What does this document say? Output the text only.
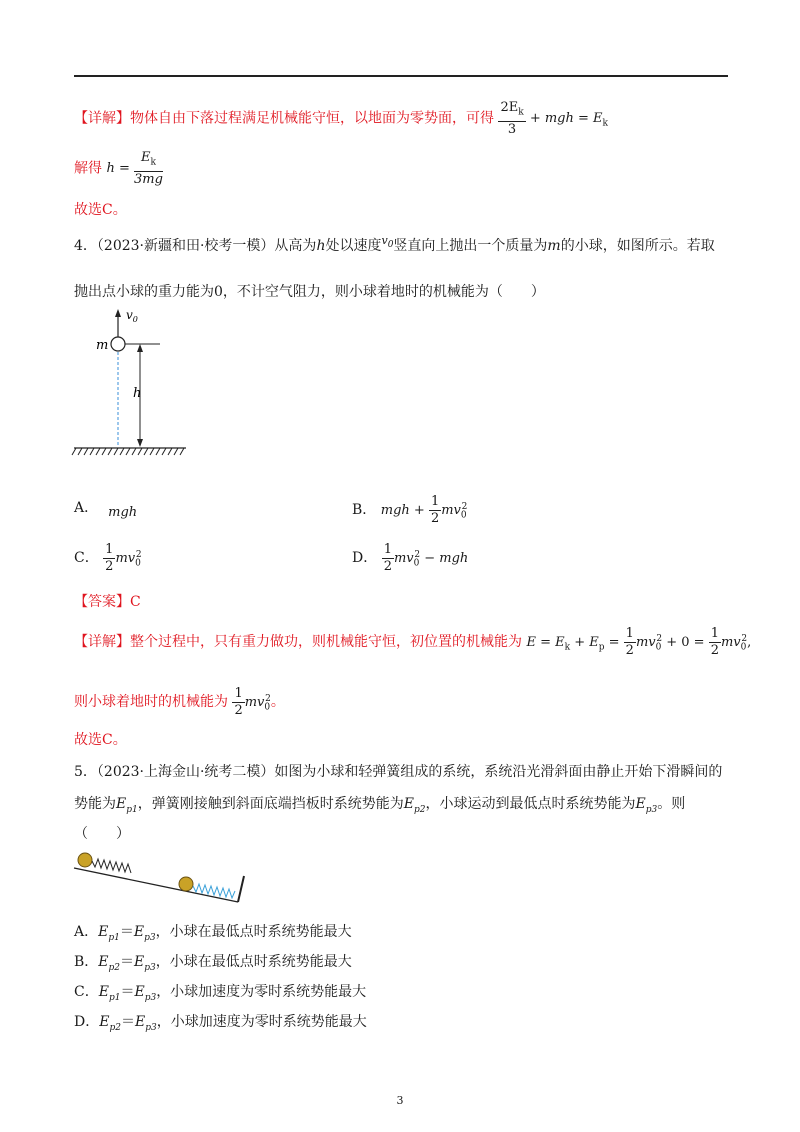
【详解】物体自由下落过程满足机械能守恒，以地面为零势面，可得 $\frac{2E_k}{3}$ + mgh = $E_k$
解得 $h = \frac{E_k}{3mg}$
故选C。
4．（2023·新疆和田·校考一模）从高为h处以速度$^{v_0}$竖直向上抛出一个质量为m的小球，如图所示。若取
抛出点小球的重力能为0，不计空气阻力，则小球着地时的机械能为（　　）
$v_0$
m
h
A． mgh	B． mgh + $\frac{1}{2} mv_0^2$
C． $\frac{1}{2} mv_0^2$	D． $\frac{1}{2} mv_0^2$ − mgh
【答案】C
【详解】整个过程中，只有重力做功，则机械能守恒，初位置的机械能为 $E = E_k + E_p = \frac{1}{2} mv_0^2 + 0 = \frac{1}{2} mv_0^2$,
则小球着地时的机械能为 $\frac{1}{2} mv_0^2$。
故选C。
5．（2023·上海金山·统考二模）如图为小球和轻弹簧组成的系统，系统沿光滑斜面由静止开始下滑瞬间的
势能为$E_{p1}$，弹簧刚接触到斜面底端挡板时系统势能为$E_{p2}$，小球运动到最低点时系统势能为$E_{p3}$。则
（　　）
A．$E_{p1}=E_{p3}$，小球在最低点时系统势能最大
B．$E_{p2}=E_{p3}$，小球在最低点时系统势能最大
C．$E_{p1}=E_{p3}$，小球加速度为零时系统势能最大
D．$E_{p2}=E_{p3}$，小球加速度为零时系统势能最大
3
